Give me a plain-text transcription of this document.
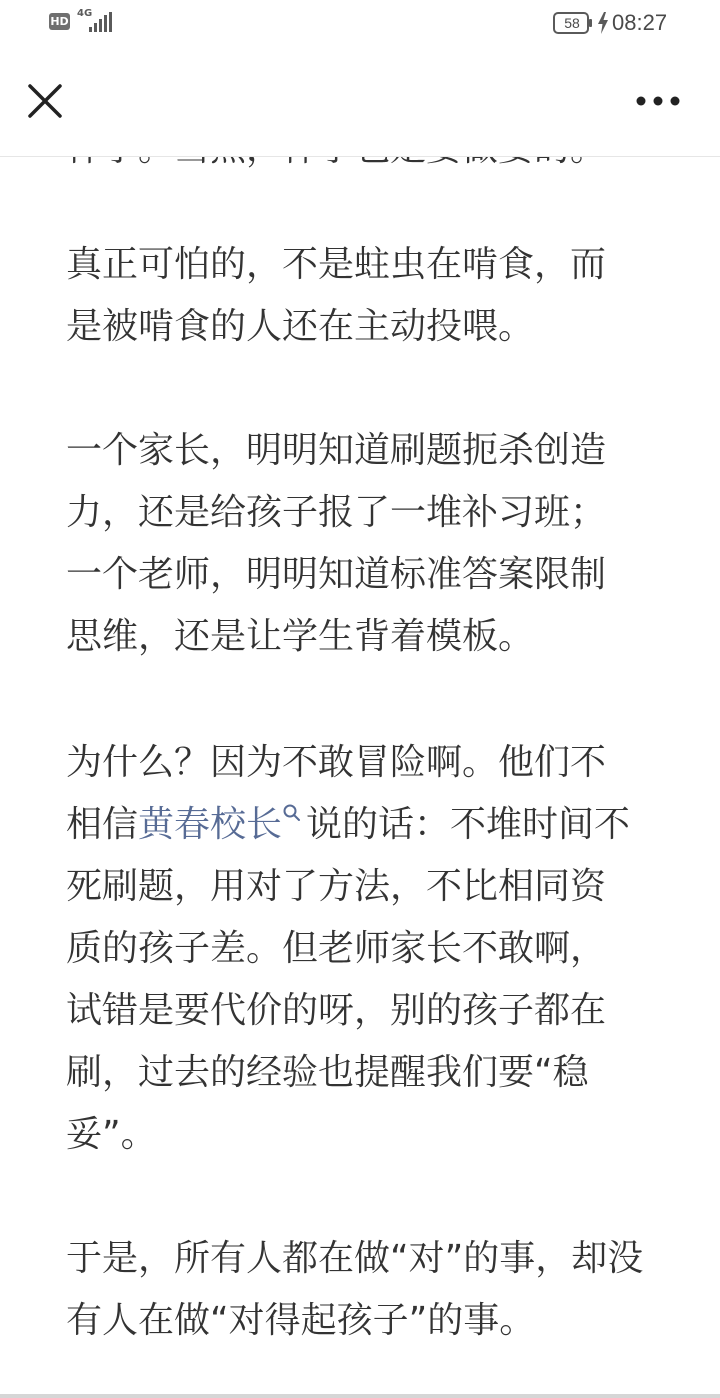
HD
4G
58	08:27
真正可怕的，不是蛀虫在啃食，而
是被啃食的人还在主动投喂。
一个家长，明明知道刷题扼杀创造
力，还是给孩子报了一堆补习班；
一个老师，明明知道标准答案限制
思维，还是让学生背着模板。
为什么？因为不敢冒险啊。他们不
相信黄春校长 说的话：不堆时间不
死刷题，用对了方法，不比相同资
质的孩子差。但老师家长不敢啊，
试错是要代价的呀，别的孩子都在
刷，过去的经验也提醒我们要“稳
妥”。
于是，所有人都在做“对”的事，却没
有人在做“对得起孩子”的事。
